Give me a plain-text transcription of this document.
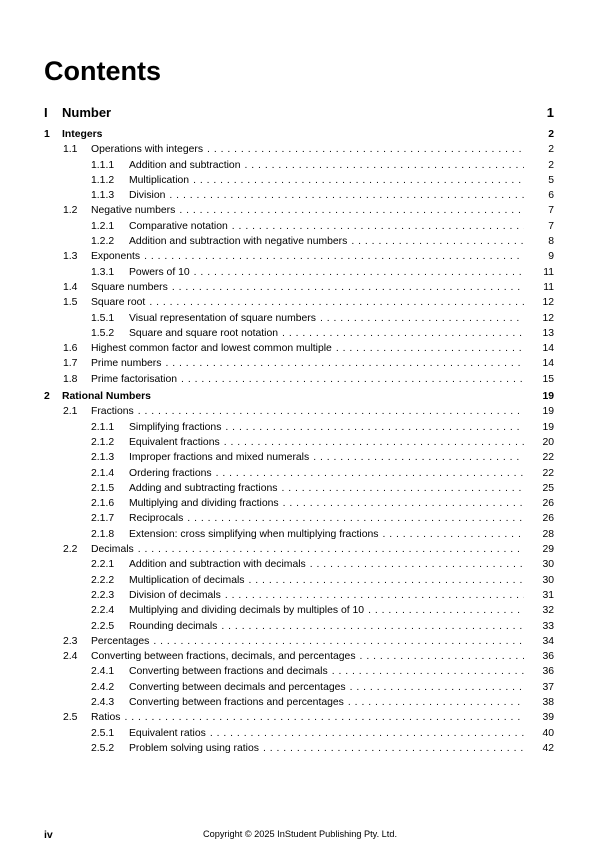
Contents
I	Number	1
1	Integers	2
1.1	Operations with integers . . .	2
1.1.1	Addition and subtraction . . .	2
1.1.2	Multiplication . . .	5
1.1.3	Division . . .	6
1.2	Negative numbers . . .	7
1.2.1	Comparative notation . . .	7
1.2.2	Addition and subtraction with negative numbers . . .	8
1.3	Exponents . . .	9
1.3.1	Powers of 10 . . .	11
1.4	Square numbers . . .	11
1.5	Square root . . .	12
1.5.1	Visual representation of square numbers . . .	12
1.5.2	Square and square root notation . . .	13
1.6	Highest common factor and lowest common multiple . . .	14
1.7	Prime numbers . . .	14
1.8	Prime factorisation . . .	15
2	Rational Numbers	19
2.1	Fractions . . .	19
2.1.1	Simplifying fractions . . .	19
2.1.2	Equivalent fractions . . .	20
2.1.3	Improper fractions and mixed numerals . . .	22
2.1.4	Ordering fractions . . .	22
2.1.5	Adding and subtracting fractions . . .	25
2.1.6	Multiplying and dividing fractions . . .	26
2.1.7	Reciprocals . . .	26
2.1.8	Extension: cross simplifying when multiplying fractions . . .	28
2.2	Decimals . . .	29
2.2.1	Addition and subtraction with decimals . . .	30
2.2.2	Multiplication of decimals . . .	30
2.2.3	Division of decimals . . .	31
2.2.4	Multiplying and dividing decimals by multiples of 10 . . .	32
2.2.5	Rounding decimals . . .	33
2.3	Percentages . . .	34
2.4	Converting between fractions, decimals, and percentages . . .	36
2.4.1	Converting between fractions and decimals . . .	36
2.4.2	Converting between decimals and percentages . . .	37
2.4.3	Converting between fractions and percentages . . .	38
2.5	Ratios . . .	39
2.5.1	Equivalent ratios . . .	40
2.5.2	Problem solving using ratios . . .	42
iv	Copyright © 2025 InStudent Publishing Pty. Ltd.
